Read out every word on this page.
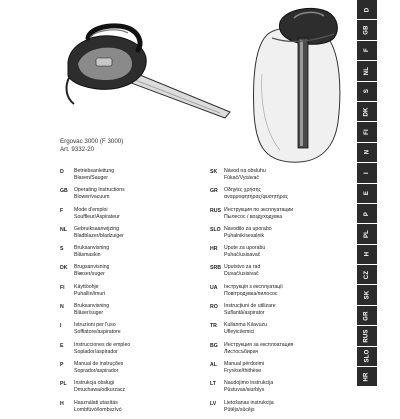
Ergovac 3000 (F 3000)
Art. 9332-20
D	Betriebsanleitung
Blasen/Sauger
SK	Návod na obsluhu
Fúkač/Vysávač
GB	Operating Instructions
Blower/vacuum
GR	Οδηγίες χρήσης
αναρροφητήρας/φυσητήρας
F	Mode d'emploi
Souffleur/Aspirateur
RUS Инструкция по эксплуатации
Пылесос / воздуходувка
NL	Gebruiksaanwijzing
Bladblazer/bladzuiger
SLO Navodilo za uporabo
Puhalnik/sesalnik
S	Bruksanvisning
Blåsmaskin
HR	Upute za uporabu
Puhač/usisavač
DK	Brugsanvisning
Blæser/suger
SRB Uputstvo za rad
Duvač/usisivač
FI	Käyttöohje
Puhallin/imuri
UA	Інструкція з експлуатації
Повітродувка/пилосос
N	Bruksanvisning
Blåser/suger
RO	Instrucțiuni de utilizare
Suflantă/aspirator
I	Istruzioni per l'uso
Soffiatore/aspiratore
TR	Kullanma Kılavuzu
Üfleyici/emici
E	Instrucciones de empleo
Soplador/aspirador
BG	Инструкция за експлоатация
Листосъбирач
P	Manual de instruções
Soprador/aspirador
AL	Manual përdorimi
Fryrëse/thithëse
PL	Instrukcja obsługi
Dmuchawa/odkurzacz
LT	Naudojimo instrukcija
Pūstuvas/siurblys
H	Használati utasítás
Lombfúvó/lombszívó
LV	Lietošanas instrukcija
Pūtējs/sūcējs
D
GB
F
NL
S
DK
FI
N
I
E
P
PL
H
CZ
SK
GR
RUS
SLO
HR
